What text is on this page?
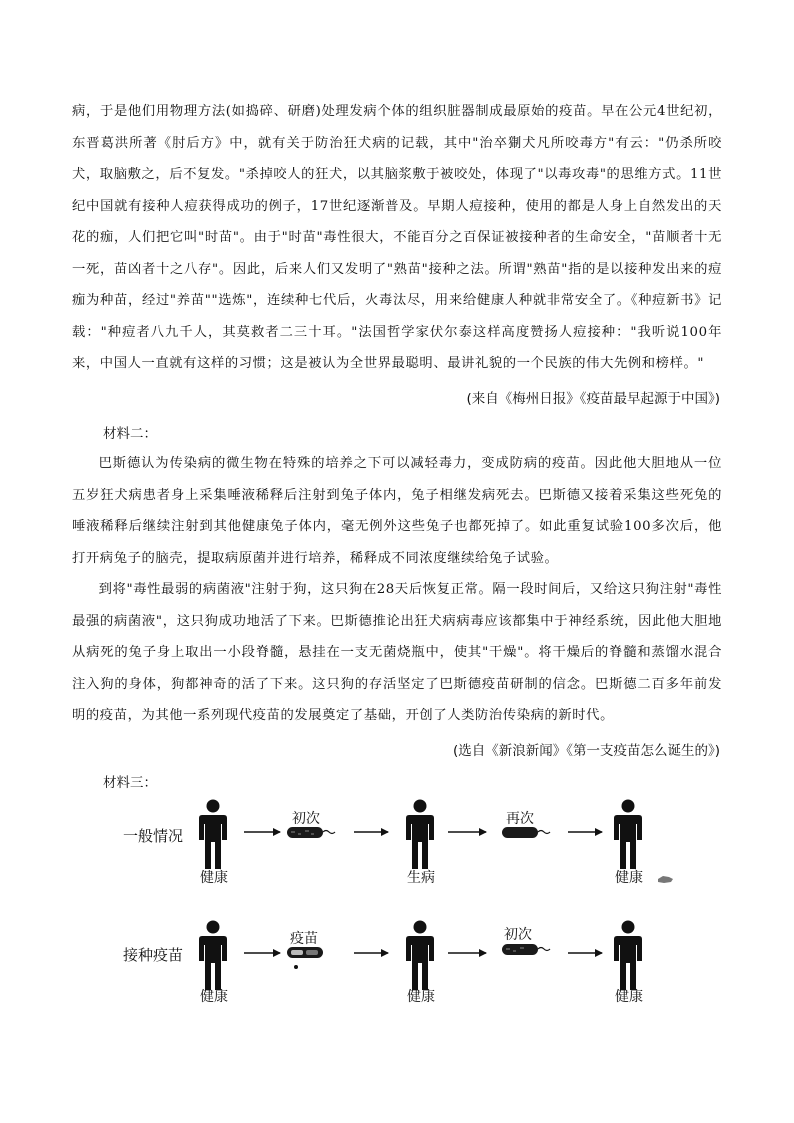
病，于是他们用物理方法(如捣碎、研磨)处理发病个体的组织脏器制成最原始的疫苗。早在公元4世纪初，东晋葛洪所著《肘后方》中，就有关于防治狂犬病的记载，其中"治卒猘犬凡所咬毒方"有云："仍杀所咬犬，取脑敷之，后不复发。"杀掉咬人的狂犬，以其脑浆敷于被咬处，体现了"以毒攻毒"的思维方式。11世纪中国就有接种人痘获得成功的例子，17世纪逐渐普及。早期人痘接种，使用的都是人身上自然发出的天花的痂，人们把它叫"时苗"。由于"时苗"毒性很大，不能百分之百保证被接种者的生命安全，"苗顺者十无一死，苗凶者十之八存"。因此，后来人们又发明了"熟苗"接种之法。所谓"熟苗"指的是以接种发出来的痘痂为种苗，经过"养苗""选炼"，连续种七代后，火毒汰尽，用来给健康人种就非常安全了。《种痘新书》记载："种痘者八九千人，其莫救者二三十耳。"法国哲学家伏尔泰这样高度赞扬人痘接种："我听说100年来，中国人一直就有这样的习惯；这是被认为全世界最聪明、最讲礼貌的一个民族的伟大先例和榜样。"

(来自《梅州日报》《疫苗最早起源于中国》)
材料二：

巴斯德认为传染病的微生物在特殊的培养之下可以减轻毒力，变成防病的疫苗。因此他大胆地从一位五岁狂犬病患者身上采集唾液稀释后注射到兔子体内，兔子相继发病死去。巴斯德又接着采集这些死兔的唾液稀释后继续注射到其他健康兔子体内，毫无例外这些兔子也都死掉了。如此重复试验100多次后，他打开病兔子的脑壳，提取病原菌并进行培养，稀释成不同浓度继续给兔子试验。

到将"毒性最弱的病菌液"注射于狗，这只狗在28天后恢复正常。隔一段时间后，又给这只狗注射"毒性最强的病菌液"，这只狗成功地活了下来。巴斯德推论出狂犬病病毒应该都集中于神经系统，因此他大胆地从病死的兔子身上取出一小段脊髓，悬挂在一支无菌烧瓶中，使其"干燥"。将干燥后的脊髓和蒸馏水混合注入狗的身体，狗都神奇的活了下来。这只狗的存活坚定了巴斯德疫苗研制的信念。巴斯德二百多年前发明的疫苗，为其他一系列现代疫苗的发展奠定了基础，开创了人类防治传染病的新时代。

(选自《新浪新闻》《第一支疫苗怎么诞生的》)
材料三：
一般情况
健康
初次
生病
再次
健康
接种疫苗
健康
疫苗
健康
初次
健康
